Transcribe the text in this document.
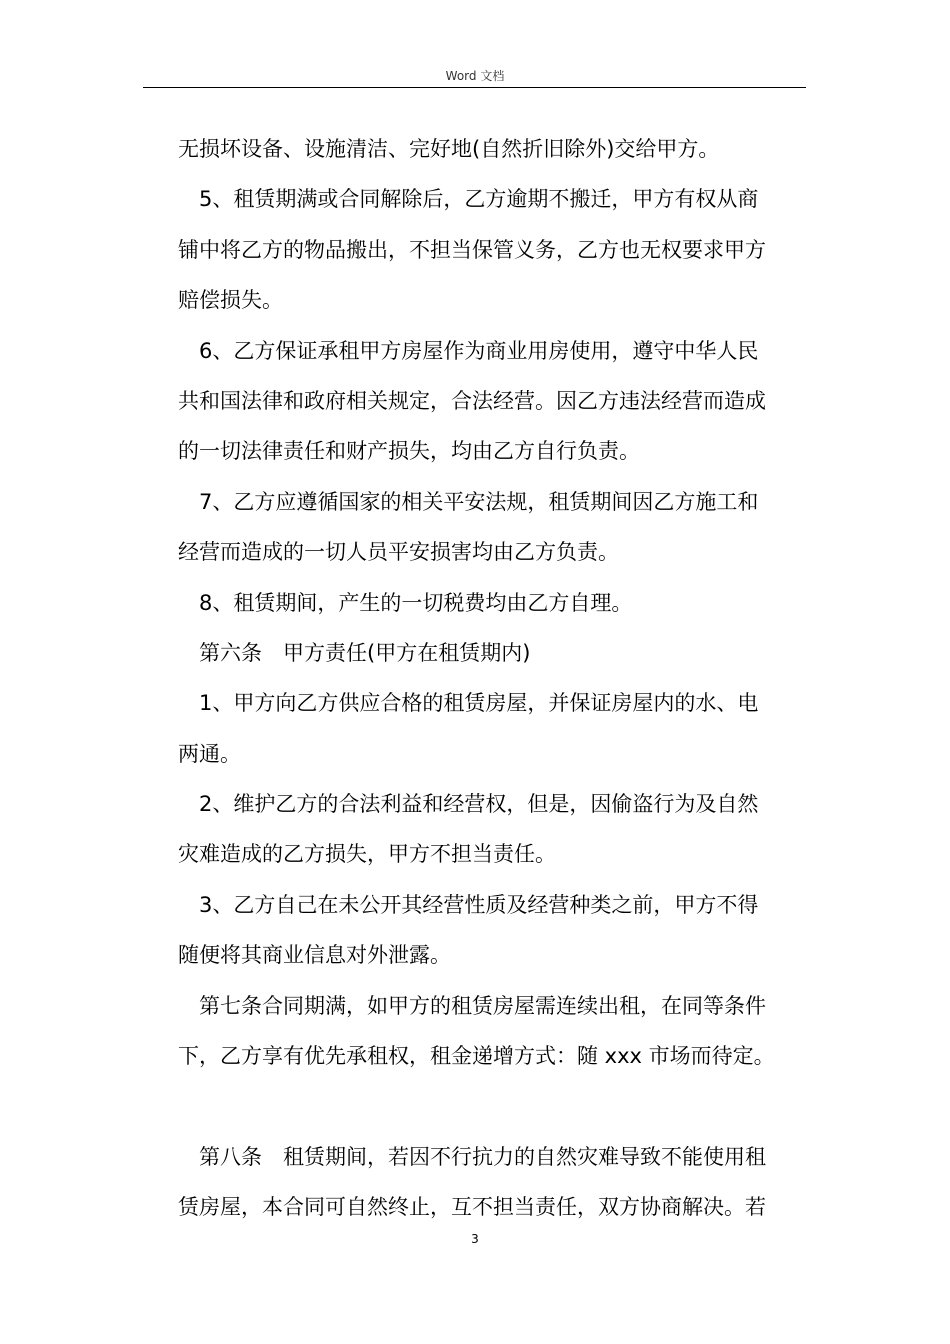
Word 文档
无损坏设备、设施清洁、完好地(自然折旧除外)交给甲方。
5、租赁期满或合同解除后，乙方逾期不搬迁，甲方有权从商
铺中将乙方的物品搬出，不担当保管义务，乙方也无权要求甲方
赔偿损失。
6、乙方保证承租甲方房屋作为商业用房使用，遵守中华人民
共和国法律和政府相关规定，合法经营。因乙方违法经营而造成
的一切法律责任和财产损失，均由乙方自行负责。
7、乙方应遵循国家的相关平安法规，租赁期间因乙方施工和
经营而造成的一切人员平安损害均由乙方负责。
8、租赁期间，产生的一切税费均由乙方自理。
第六条　甲方责任(甲方在租赁期内)
1、甲方向乙方供应合格的租赁房屋，并保证房屋内的水、电
两通。
2、维护乙方的合法利益和经营权，但是，因偷盗行为及自然
灾难造成的乙方损失，甲方不担当责任。
3、乙方自己在未公开其经营性质及经营种类之前，甲方不得
随便将其商业信息对外泄露。
第七条合同期满，如甲方的租赁房屋需连续出租，在同等条件
下，乙方享有优先承租权，租金递增方式：随 xxx 市场而待定。
第八条　租赁期间，若因不行抗力的自然灾难导致不能使用租
赁房屋，本合同可自然终止，互不担当责任，双方协商解决。若
3
